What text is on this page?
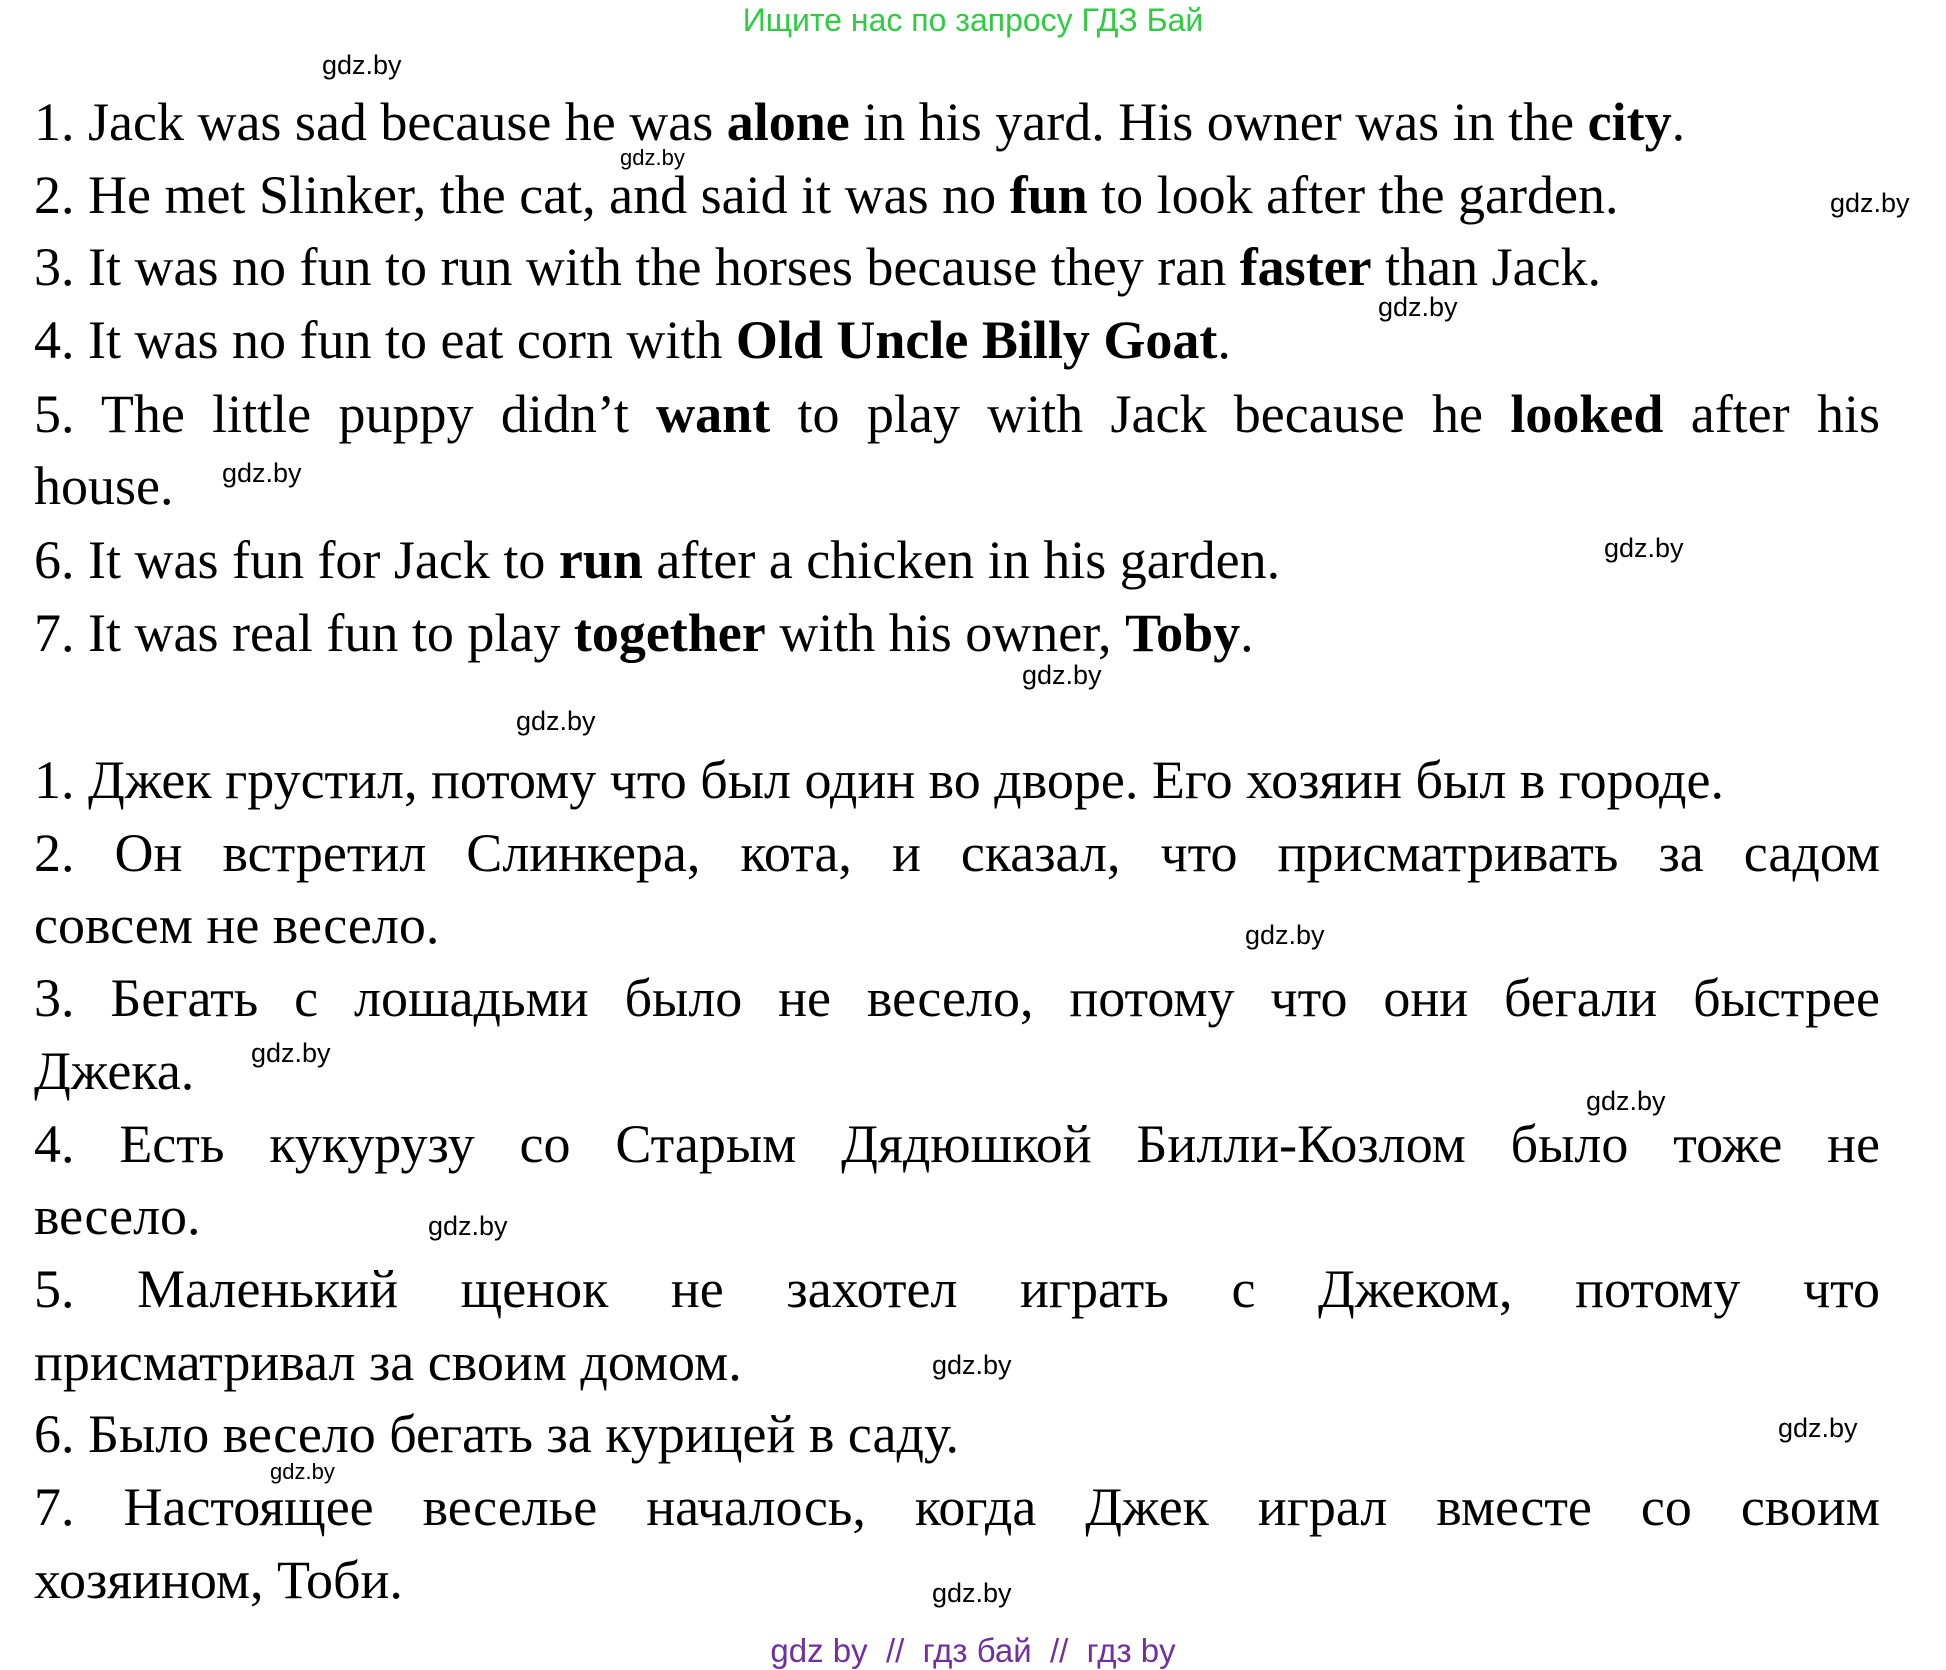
Ищите нас по запросу ГДЗ Бай
1. Jack was sad because he was alone in his yard. His owner was in the city.
2. He met Slinker, the cat, and said it was no fun to look after the garden.
3. It was no fun to run with the horses because they ran faster than Jack.
4. It was no fun to eat corn with Old Uncle Billy Goat.
5. The little puppy didn’t want to play with Jack because he looked after his
house.
6. It was fun for Jack to run after a chicken in his garden.
7. It was real fun to play together with his owner, Toby.
1. Джек грустил, потому что был один во дворе. Его хозяин был в городе.
2. Он встретил Слинкера, кота, и сказал, что присматривать за садом
совсем не весело.
3. Бегать с лошадьми было не весело, потому что они бегали быстрее
Джека.
4. Есть кукурузу со Старым Дядюшкой Билли-Козлом было тоже не
весело.
5. Маленький щенок не захотел играть с Джеком, потому что
присматривал за своим домом.
6. Было весело бегать за курицей в саду.
7. Настоящее веселье началось, когда Джек играл вместе со своим
хозяином, Тоби.
gdz.by
gdz.by
gdz.by
gdz.by
gdz.by
gdz.by
gdz.by
gdz.by
gdz.by
gdz.by
gdz.by
gdz.by
gdz.by
gdz.by
gdz.by
gdz.by
gdz by  //  гдз бай  //  гдз by
